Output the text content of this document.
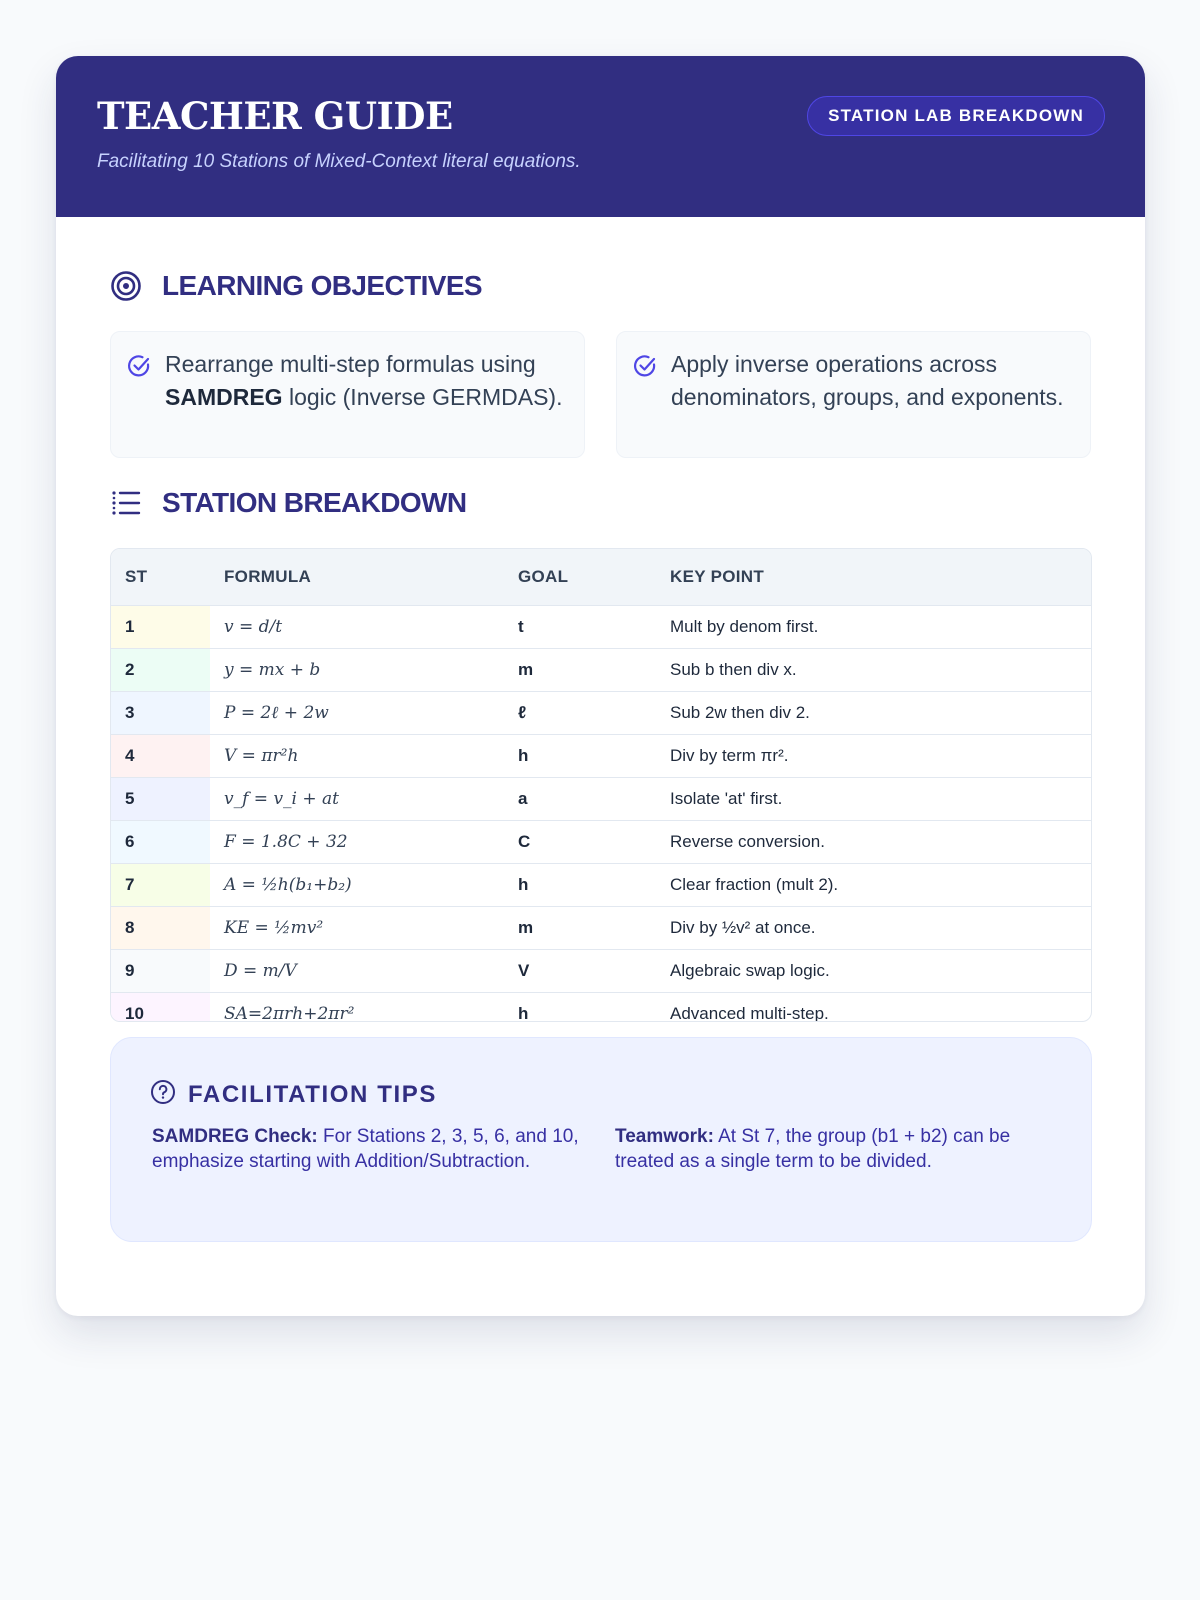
TEACHER GUIDE

Facilitating 10 Stations of Mixed-Context literal equations.

STATION LAB BREAKDOWN
LEARNING OBJECTIVES
Rearrange multi-step formulas using SAMDREG logic (Inverse GERMDAS).
Apply inverse operations across denominators, groups, and exponents.
STATION BREAKDOWN
ST	FORMULA	GOAL	KEY POINT
1	v = d/t	t	Mult by denom first.
2	y = mx + b	m	Sub b then div x.
3	P = 2ℓ + 2w	ℓ	Sub 2w then div 2.
4	V = πr²h	h	Div by term πr².
5	v_f = v_i + at	a	Isolate 'at' first.
6	F = 1.8C + 32	C	Reverse conversion.
7	A = ½h(b₁+b₂)	h	Clear fraction (mult 2).
8	KE = ½mv²	m	Div by ½v² at once.
9	D = m/V	V	Algebraic swap logic.
10	SA=2πrh+2πr²	h	Advanced multi-step.
FACILITATION TIPS
SAMDREG Check: For Stations 2, 3, 5, 6, and 10, emphasize starting with Addition/Subtraction.
Teamwork: At St 7, the group (b1 + b2) can be treated as a single term to be divided.
